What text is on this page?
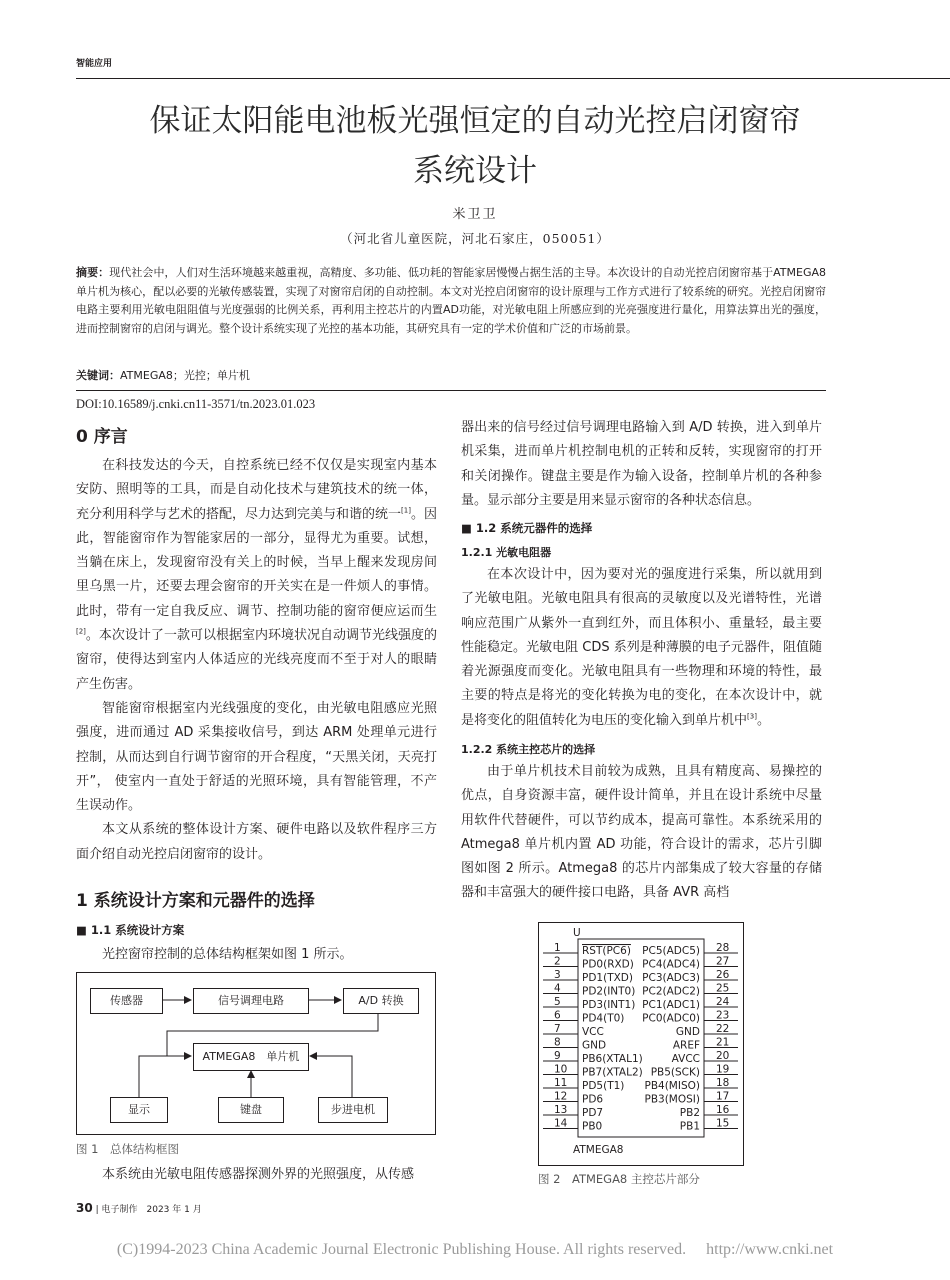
智能应用
保证太阳能电池板光强恒定的自动光控启闭窗帘
系统设计
米卫卫
（河北省儿童医院，河北石家庄，050051）
摘要：现代社会中，人们对生活环境越来越重视，高精度、多功能、低功耗的智能家居慢慢占据生活的主导。本次设计的自动光控启闭窗帘基于ATMEGA8单片机为核心，配以必要的光敏传感装置，实现了对窗帘启闭的自动控制。本文对光控启闭窗帘的设计原理与工作方式进行了较系统的研究。光控启闭窗帘电路主要利用光敏电阻阻值与光度强弱的比例关系，再利用主控芯片的内置AD功能，对光敏电阻上所感应到的光亮强度进行量化，用算法算出光的强度，进而控制窗帘的启闭与调光。整个设计系统实现了光控的基本功能，其研究具有一定的学术价值和广泛的市场前景。
关键词：ATMEGA8；光控；单片机
DOI:10.16589/j.cnki.cn11-3571/tn.2023.01.023
0 序言

在科技发达的今天，自控系统已经不仅仅是实现室内基本安防、照明等的工具，而是自动化技术与建筑技术的统一体，充分利用科学与艺术的搭配，尽力达到完美与和谐的统一[1]。因此，智能窗帘作为智能家居的一部分，显得尤为重要。试想，当躺在床上，发现窗帘没有关上的时候，当早上醒来发现房间里乌黑一片，还要去理会窗帘的开关实在是一件烦人的事情。此时，带有一定自我反应、调节、控制功能的窗帘便应运而生[2]。本次设计了一款可以根据室内环境状况自动调节光线强度的窗帘，使得达到室内人体适应的光线亮度而不至于对人的眼睛产生伤害。

智能窗帘根据室内光线强度的变化，由光敏电阻感应光照强度，进而通过 AD 采集接收信号，到达 ARM 处理单元进行控制，从而达到自行调节窗帘的开合程度，“天黑关闭，天亮打开”， 使室内一直处于舒适的光照环境，具有智能管理，不产生误动作。

本文从系统的整体设计方案、硬件电路以及软件程序三方面介绍自动光控启闭窗帘的设计。

1 系统设计方案和元器件的选择
■ 1.1 系统设计方案

光控窗帘控制的总体结构框架如图 1 所示。

传感器	信号调理电路	A/D 转换
ATMEGA8　单片机
显示	键盘	步进电机
图 1　总体结构框图

本系统由光敏电阻传感器探测外界的光照强度，从传感

器出来的信号经过信号调理电路输入到 A/D 转换，进入到单片机采集，进而单片机控制电机的正转和反转，实现窗帘的打开和关闭操作。键盘主要是作为输入设备，控制单片机的各种参量。显示部分主要是用来显示窗帘的各种状态信息。

■ 1.2 系统元器件的选择
1.2.1 光敏电阻器

在本次设计中，因为要对光的强度进行采集，所以就用到了光敏电阻。光敏电阻具有很高的灵敏度以及光谱特性，光谱响应范围广从紫外一直到红外，而且体积小、重量轻，最主要性能稳定。光敏电阻 CDS 系列是种薄膜的电子元器件，阻值随着光源强度而变化。光敏电阻具有一些物理和环境的特性，最主要的特点是将光的变化转换为电的变化，在本次设计中，就是将变化的阻值转化为电压的变化输入到单片机中[3]。

1.2.2 系统主控芯片的选择

由于单片机技术目前较为成熟，且具有精度高、易操控的优点，自身资源丰富，硬件设计简单，并且在设计系统中尽量用软件代替硬件，可以节约成本，提高可靠性。本系统采用的 Atmega8 单片机内置 AD 功能，符合设计的需求，芯片引脚图如图 2 所示。Atmega8 的芯片内部集成了较大容量的存储器和丰富强大的硬件接口电路，具备 AVR 高档

U
ATMEGA8
1 RST(PC6)
2 PD0(RXD)
3 PD1(TXD)
4 PD2(INT0)
5 PD3(INT1)
6 PD4(T0)
7 VCC
8 GND
9 PB6(XTAL1)
10 PB7(XTAL2)
11 PD5(T1)
12 PD6
13 PD7
14 PB0
28
PC5(ADC5)
27
PC4(ADC4)
26
PC3(ADC3)
25
PC2(ADC2)
24
PC1(ADC1)
23
PC0(ADC0)
22
GND
21
AREF
20
AVCC
19
PB5(SCK)
18
PB4(MISO)
17
PB3(MOSI)
16
PB2
15
PB1
图 2　ATMEGA8 主控芯片部分
30 | 电子制作　2023 年 1 月
(C)1994-2023 China Academic Journal Electronic Publishing House. All rights reserved.　 http://www.cnki.net
